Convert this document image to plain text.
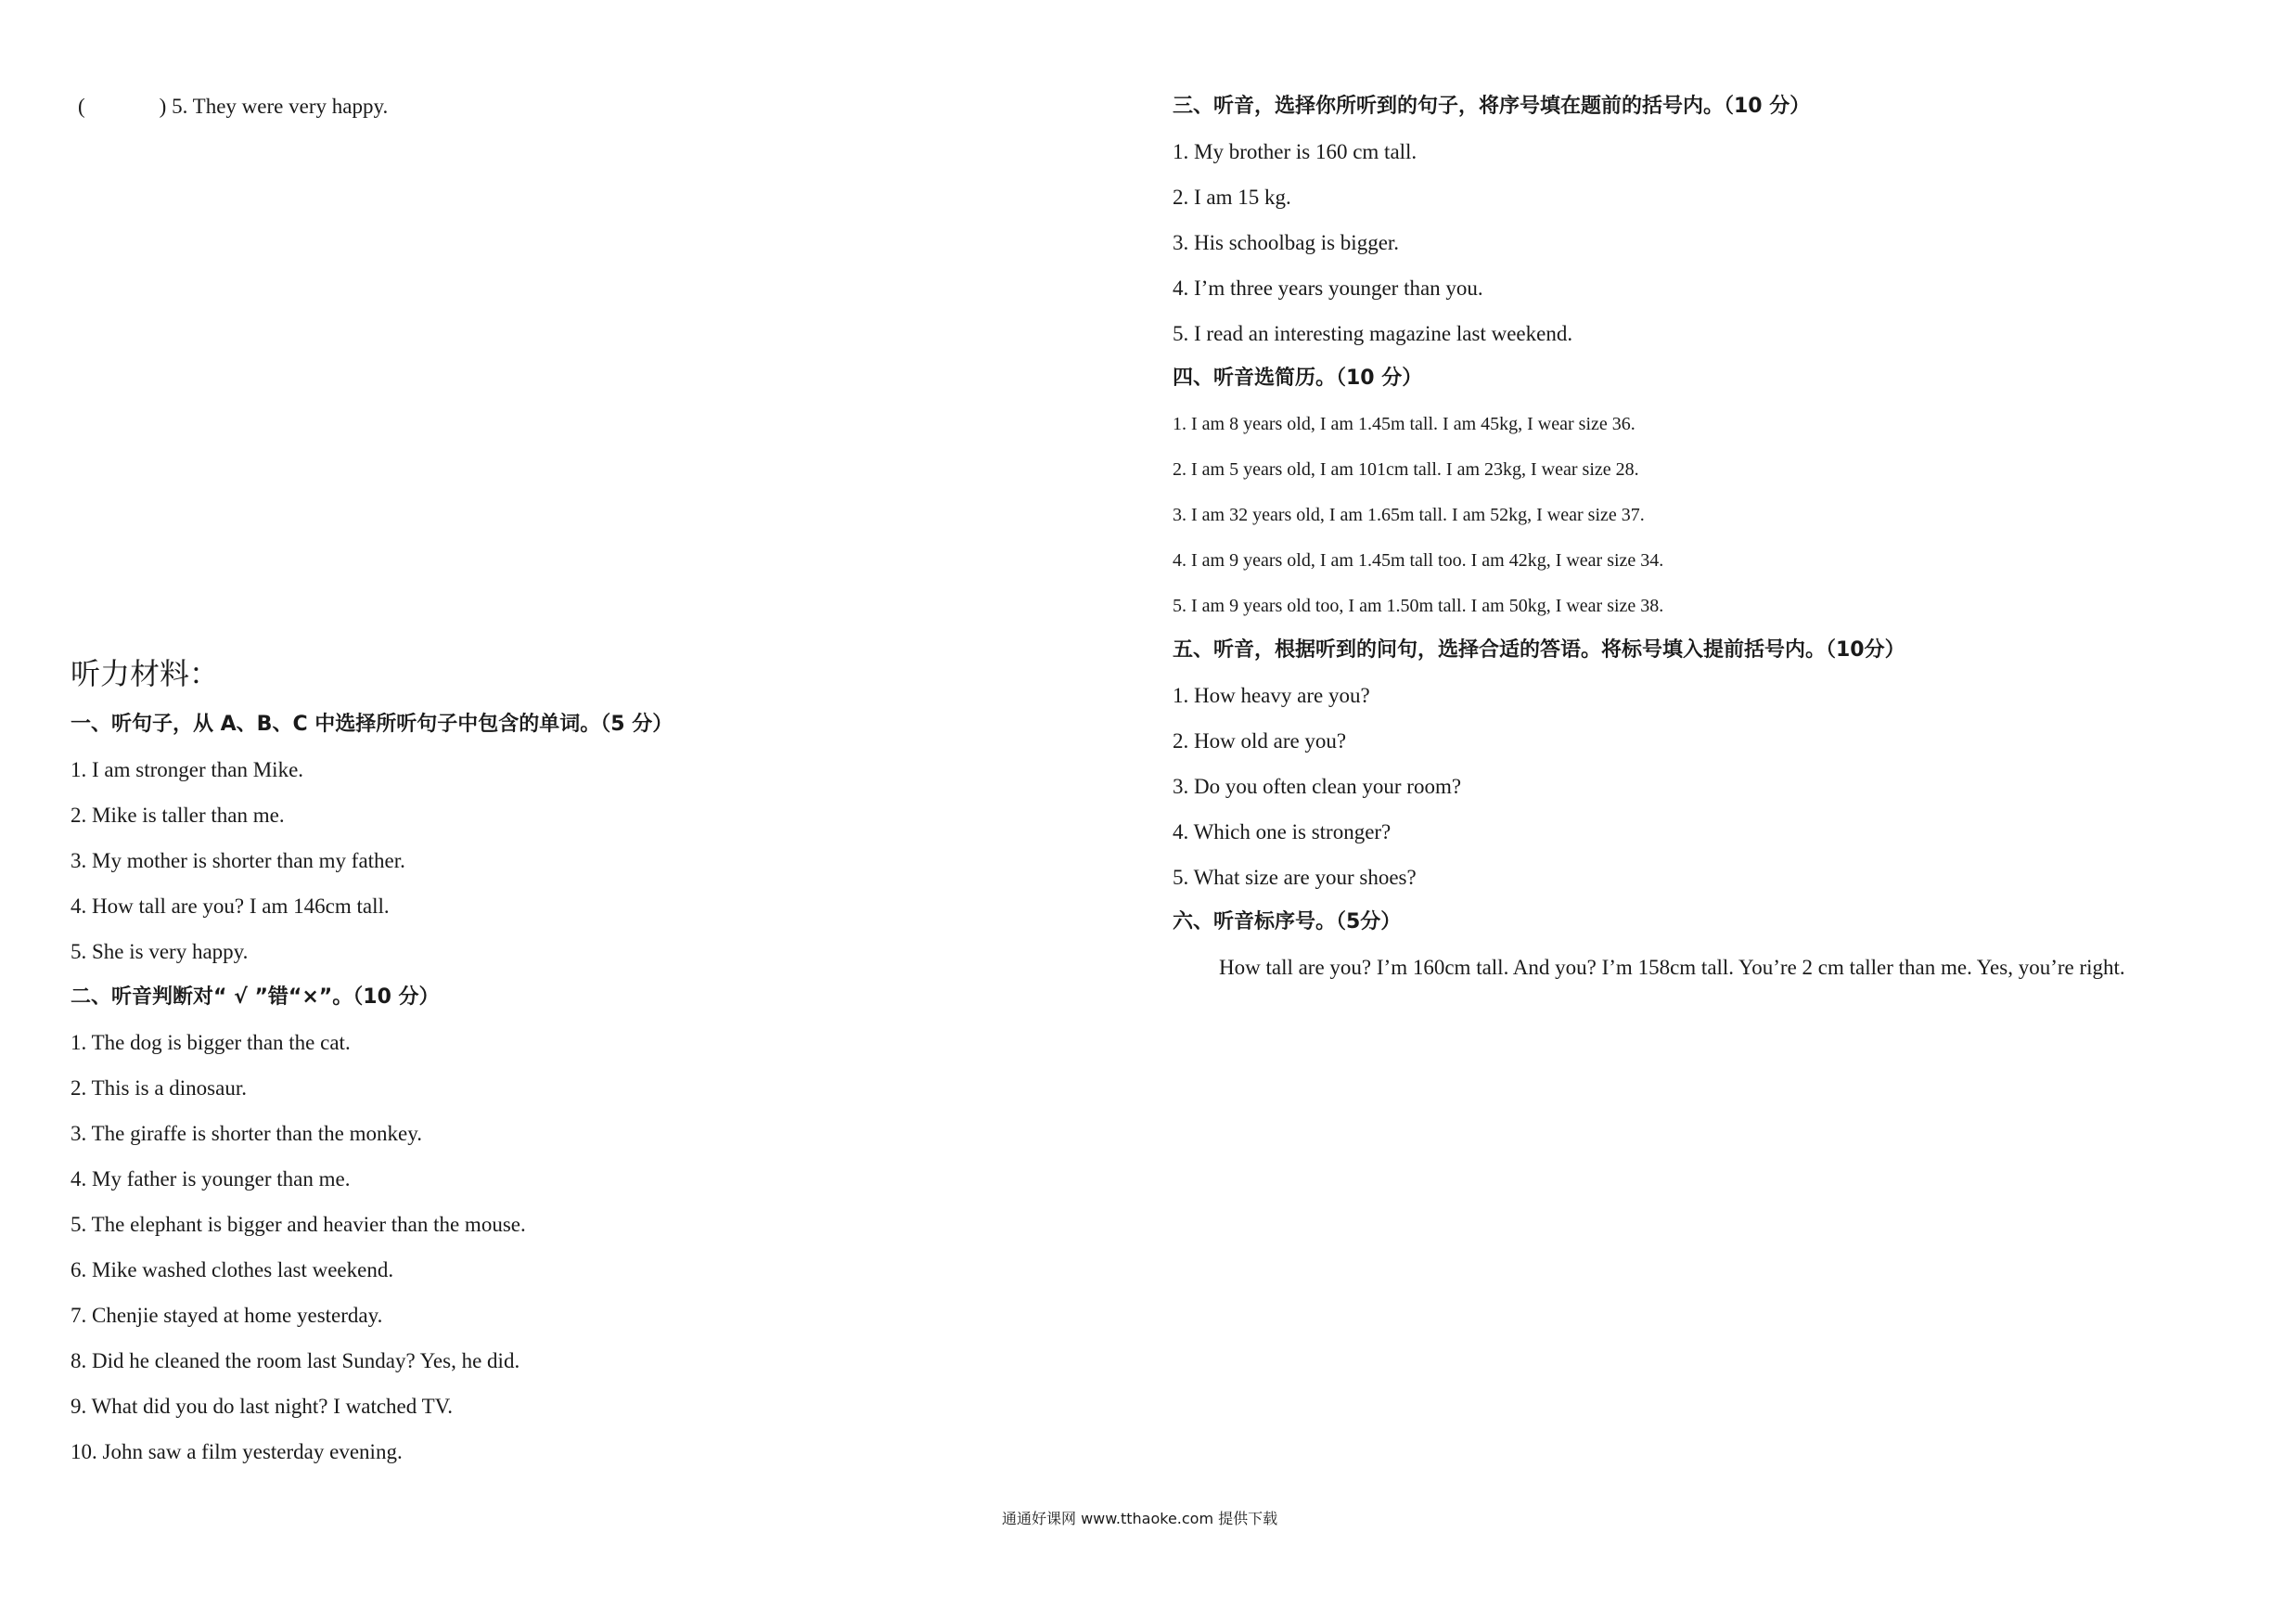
(	) 5. They were very happy.
听力材料：
一、听句子，从 A、B、C 中选择所听句子中包含的单词。（5 分）
1. I am stronger than Mike.
2. Mike is taller than me.
3. My mother is shorter than my father.
4. How tall are you? I am 146cm tall.
5. She is very happy.
二、听音判断对“ √ ”错“×”。（10 分）
1. The dog is bigger than the cat.
2. This is a dinosaur.
3. The giraffe is shorter than the monkey.
4. My father is younger than me.
5. The elephant is bigger and heavier than the mouse.
6. Mike washed clothes last weekend.
7. Chenjie stayed at home yesterday.
8. Did he cleaned the room last Sunday? Yes, he did.
9. What did you do last night? I watched TV.
10. John saw a film yesterday evening.
三、听音，选择你所听到的句子，将序号填在题前的括号内。（10 分）
1. My brother is 160 cm tall.
2. I am 15 kg.
3. His schoolbag is bigger.
4. I’m three years younger than you.
5. I read an interesting magazine last weekend.
四、听音选简历。（10 分）
1. I am 8 years old, I am 1.45m tall. I am 45kg, I wear size 36.
2. I am 5 years old, I am 101cm tall. I am 23kg, I wear size 28.
3. I am 32 years old, I am 1.65m tall. I am 52kg, I wear size 37.
4. I am 9 years old, I am 1.45m tall too. I am 42kg, I wear size 34.
5. I am 9 years old too, I am 1.50m tall. I am 50kg, I wear size 38.
五、听音，根据听到的问句，选择合适的答语。将标号填入提前括号内。（10分）
1. How heavy are you?
2. How old are you?
3. Do you often clean your room?
4. Which one is stronger?
5. What size are your shoes?
六、听音标序号。（5分）
How tall are you? I’m 160cm tall. And you? I’m 158cm tall. You’re 2 cm taller than me. Yes, you’re right.
通通好课网 www.tthaoke.com 提供下载
